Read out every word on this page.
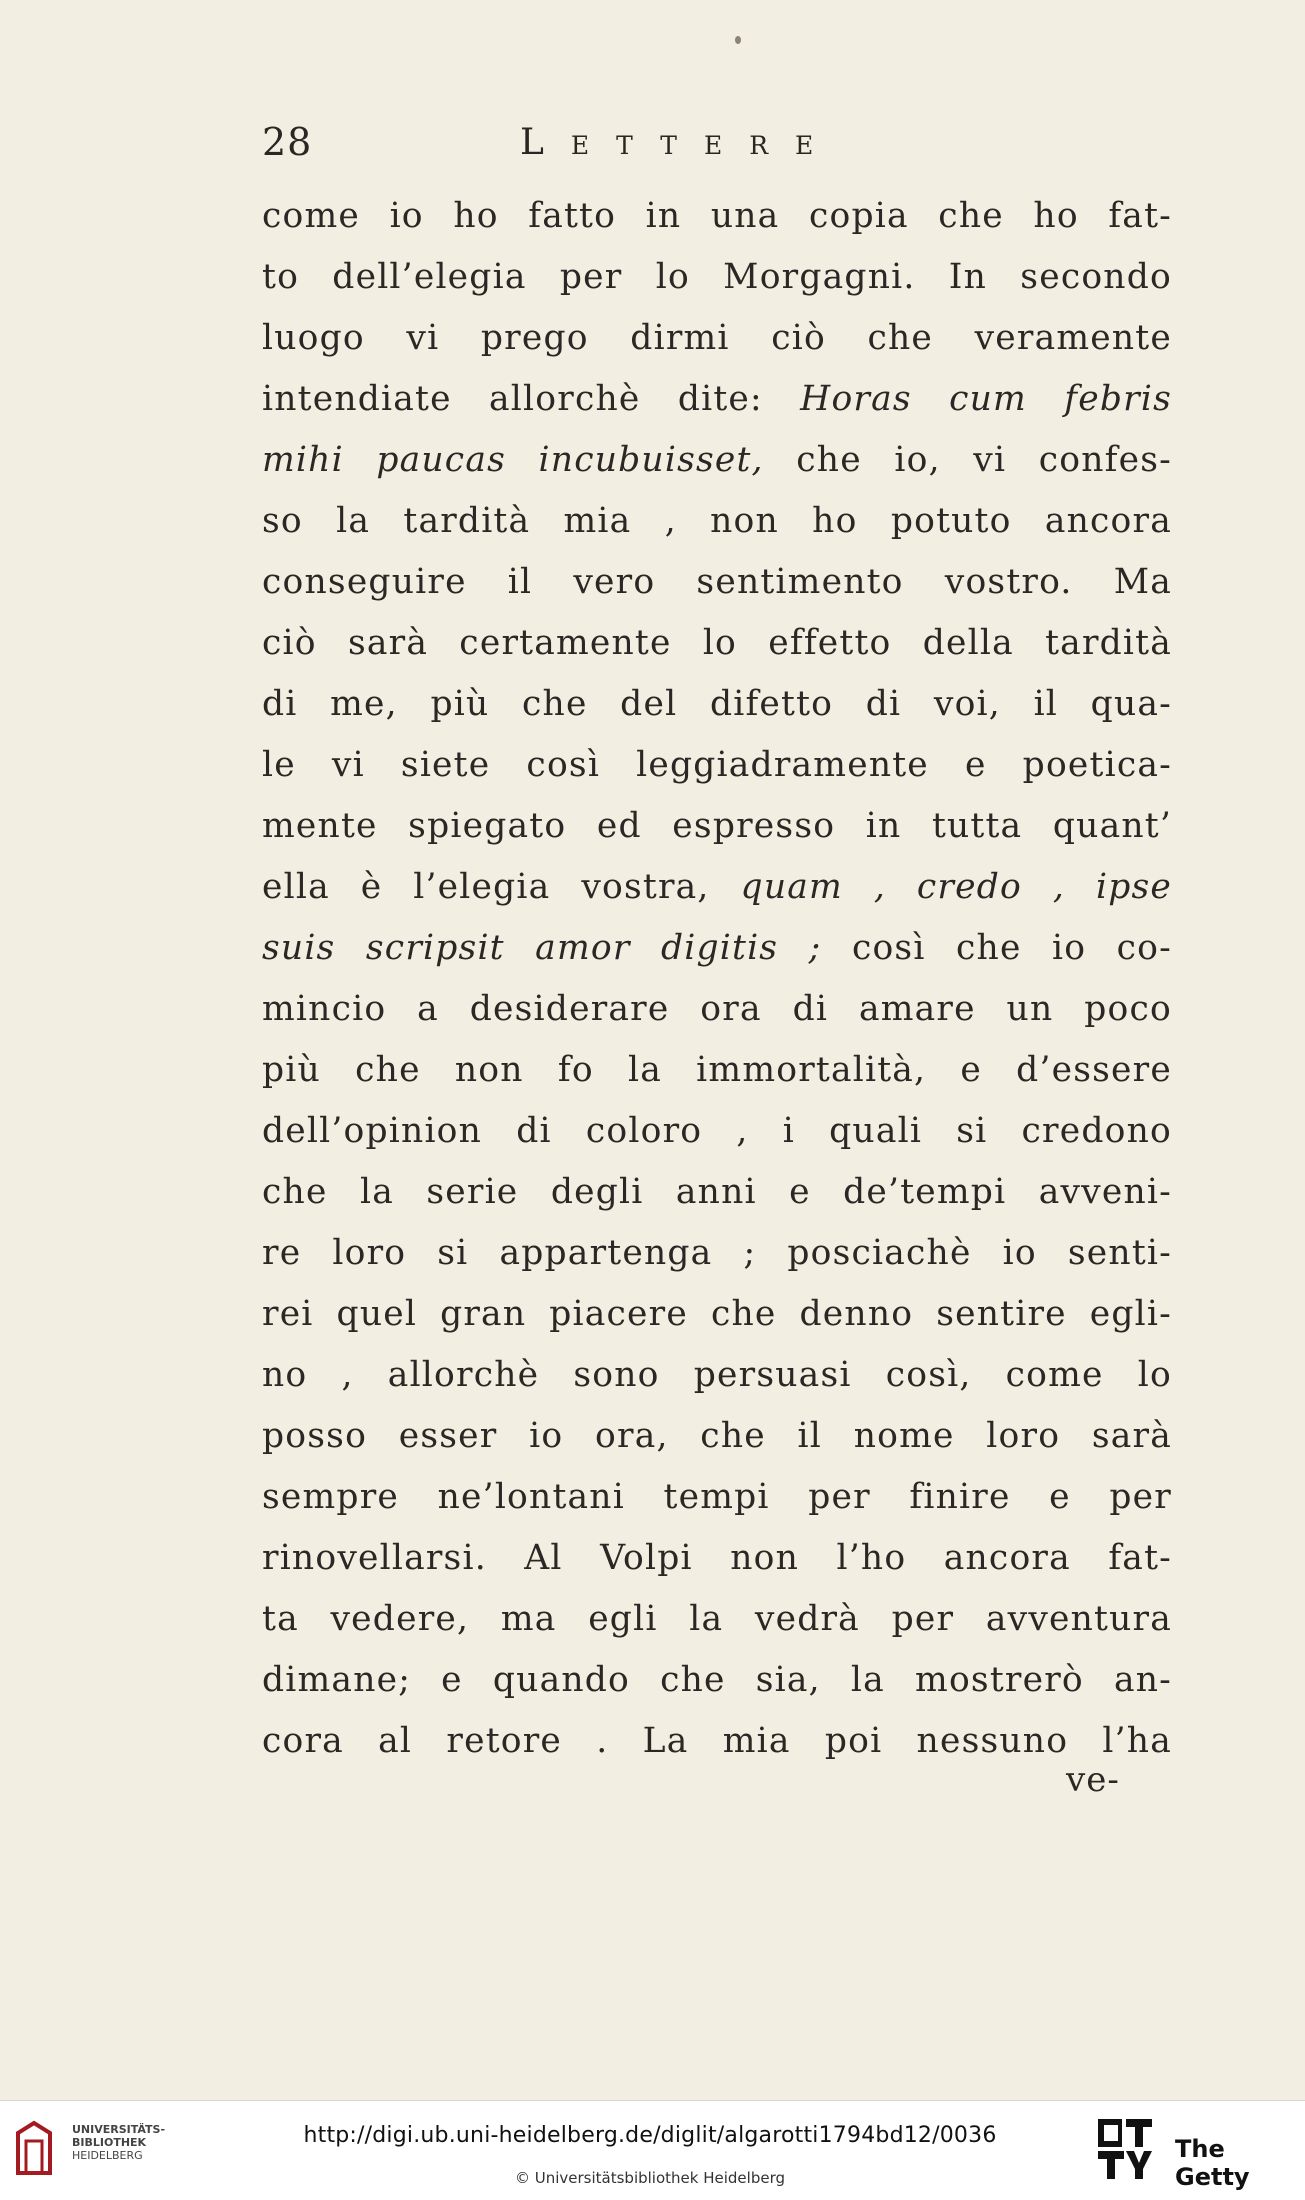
28	Lettere
come io ho fatto in una copia che ho fat-
to dell’elegia per lo Morgagni. In secondo
luogo vi prego dirmi ciò che veramente
intendiate allorchè dite: Horas cum febris
mihi paucas incubuisset, che io, vi confes-
so la tardità mia , non ho potuto ancora
conseguire il vero sentimento vostro. Ma
ciò sarà certamente lo effetto della tardità
di me, più che del difetto di voi, il qua-
le vi siete così leggiadramente e poetica-
mente spiegato ed espresso in tutta quant’
ella è l’elegia vostra, quam , credo , ipse
suis scripsit amor digitis ; così che io co-
mincio a desiderare ora di amare un poco
più che non fo la immortalità, e d’essere
dell’opinion di coloro , i quali si credono
che la serie degli anni e de’tempi avveni-
re loro si appartenga ; posciachè io senti-
rei quel gran piacere che denno sentire egli-
no , allorchè sono persuasi così, come lo
posso esser io ora, che il nome loro sarà
sempre ne’lontani tempi per finire e per
rinovellarsi. Al Volpi non l’ho ancora fat-
ta vedere, ma egli la vedrà per avventura
dimane; e quando che sia, la mostrerò an-
cora al retore . La mia poi nessuno l’ha
ve-
UNIVERSITÄTS-
BIBLIOTHEK
HEIDELBERG
http://digi.ub.uni-heidelberg.de/diglit/algarotti1794bd12/0036
© Universitätsbibliothek Heidelberg
The Getty
